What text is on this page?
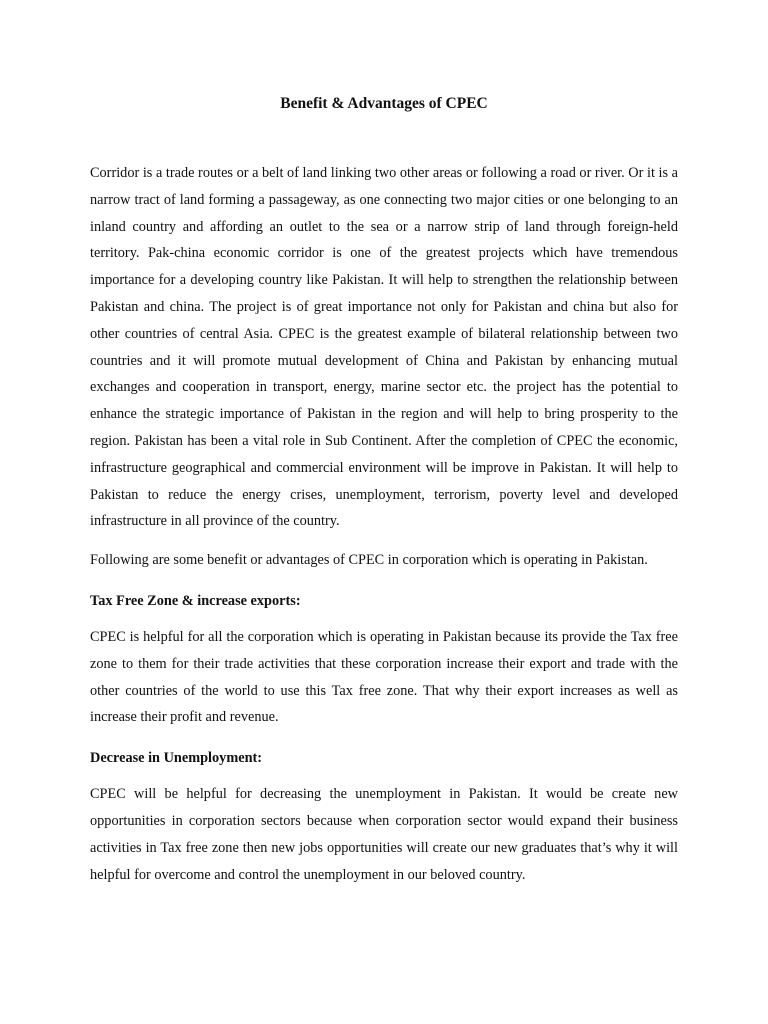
Benefit & Advantages of CPEC

Corridor is a trade routes or a belt of land linking two other areas or following a road or river. Or it is a narrow tract of land forming a passageway, as one connecting two major cities or one belonging to an inland country and affording an outlet to the sea or a narrow strip of land through foreign-held territory. Pak-china economic corridor is one of the greatest projects which have tremendous importance for a developing country like Pakistan. It will help to strengthen the relationship between Pakistan and china. The project is of great importance not only for Pakistan and china but also for other countries of central Asia. CPEC is the greatest example of bilateral relationship between two countries and it will promote mutual development of China and Pakistan by enhancing mutual exchanges and cooperation in transport, energy, marine sector etc. the project has the potential to enhance the strategic importance of Pakistan in the region and will help to bring prosperity to the region. Pakistan has been a vital role in Sub Continent. After the completion of CPEC the economic, infrastructure geographical and commercial environment will be improve in Pakistan. It will help to Pakistan to reduce the energy crises, unemployment, terrorism, poverty level and developed infrastructure in all province of the country.

Following are some benefit or advantages of CPEC in corporation which is operating in Pakistan.

Tax Free Zone & increase exports:

CPEC is helpful for all the corporation which is operating in Pakistan because its provide the Tax free zone to them for their trade activities that these corporation increase their export and trade with the other countries of the world to use this Tax free zone. That why their export increases as well as increase their profit and revenue.

Decrease in Unemployment:

CPEC will be helpful for decreasing the unemployment in Pakistan. It would be create new opportunities in corporation sectors because when corporation sector would expand their business activities in Tax free zone then new jobs opportunities will create our new graduates that’s why it will helpful for overcome and control the unemployment in our beloved country.
